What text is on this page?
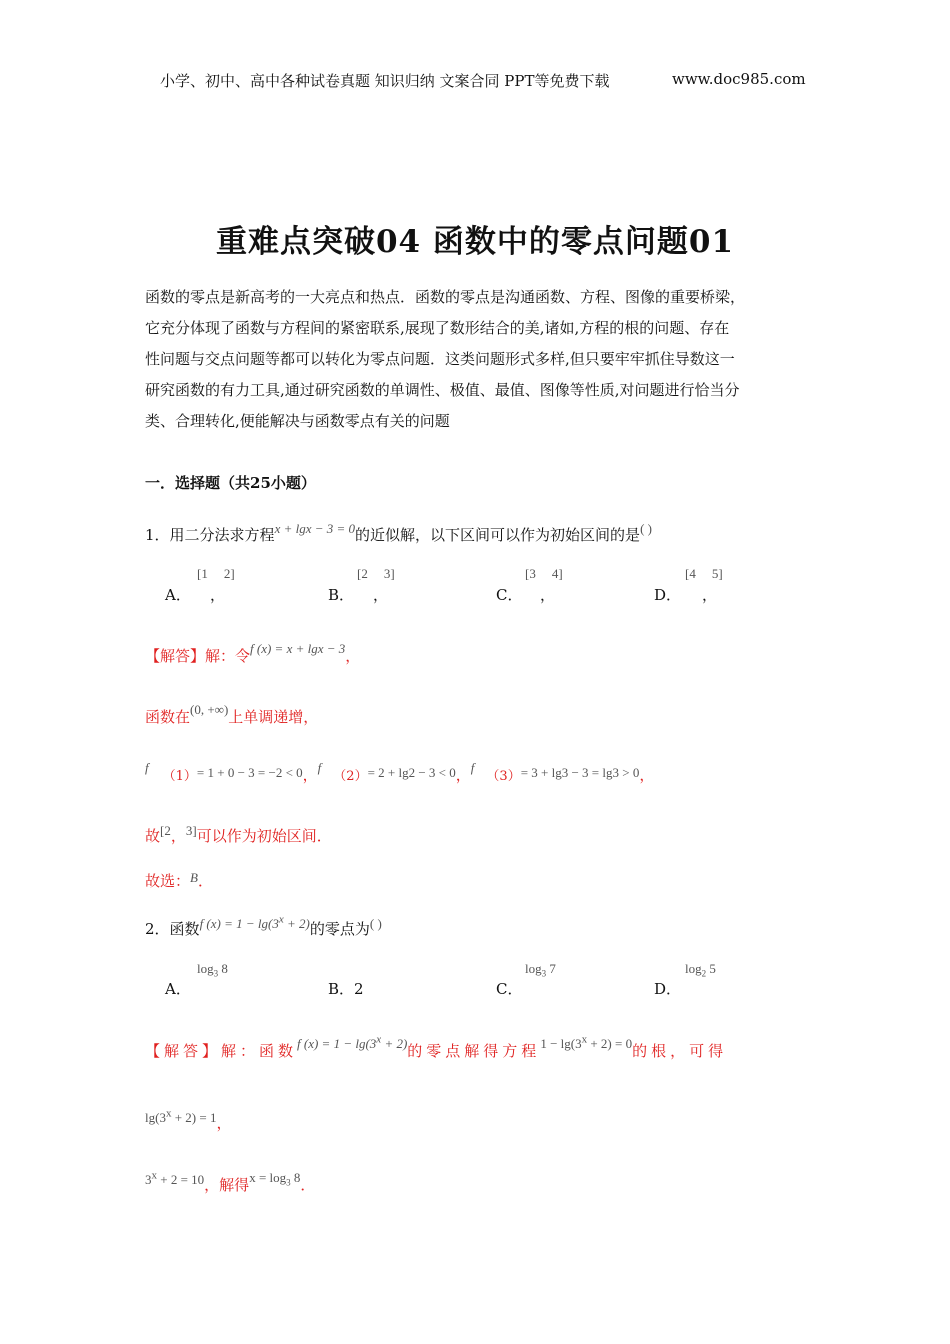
小学、初中、高中各种试卷真题 知识归纳 文案合同 PPT等免费下载	www.doc985.com
重难点突破04 函数中的零点问题01

函数的零点是新高考的一大亮点和热点．函数的零点是沟通函数、方程、图像的重要桥梁，

它充分体现了函数与方程间的紧密联系,展现了数形结合的美,诸如,方程的根的问题、存在

性问题与交点问题等都可以转化为零点问题．这类问题形式多样,但只要牢牢抓住导数这一

研究函数的有力工具,通过研究函数的单调性、极值、最值、图像等性质,对问题进行恰当分

类、合理转化,便能解决与函数零点有关的问题

一．选择题（共25小题）
1．用二分法求方程x + lgx − 3 = 0的近似解，以下区间可以作为初始区间的是( )
A．
[1 2]
，	B．
[2 3]
，	C．
[3 4]
，	D．
[4 5]
，
【解答】解：令f (x) = x + lgx − 3，
函数在(0, +∞)上单调递增，
f（1）= 1 + 0 − 3 = −2 < 0，f（2）= 2 + lg2 − 3 < 0，f（3）= 3 + lg3 − 3 = lg3 > 0，
故[2，3]可以作为初始区间．
故选：B．
2．函数f $(x) = 1 - \lg(3^x + 2)$的零点为( )
A．
$\log_3 8$
B．2	C．
$\log_3 7$
D．
$\log_2 5$
【解答】解：函数f $(x) = 1 - \lg(3^x + 2)$的零点解得方程$1 - \lg(3^x + 2) = 0$的根，可得
$\lg(3^x + 2) = 1$，
$3^x + 2 = 10$，解得$x = \log_3 8$．
